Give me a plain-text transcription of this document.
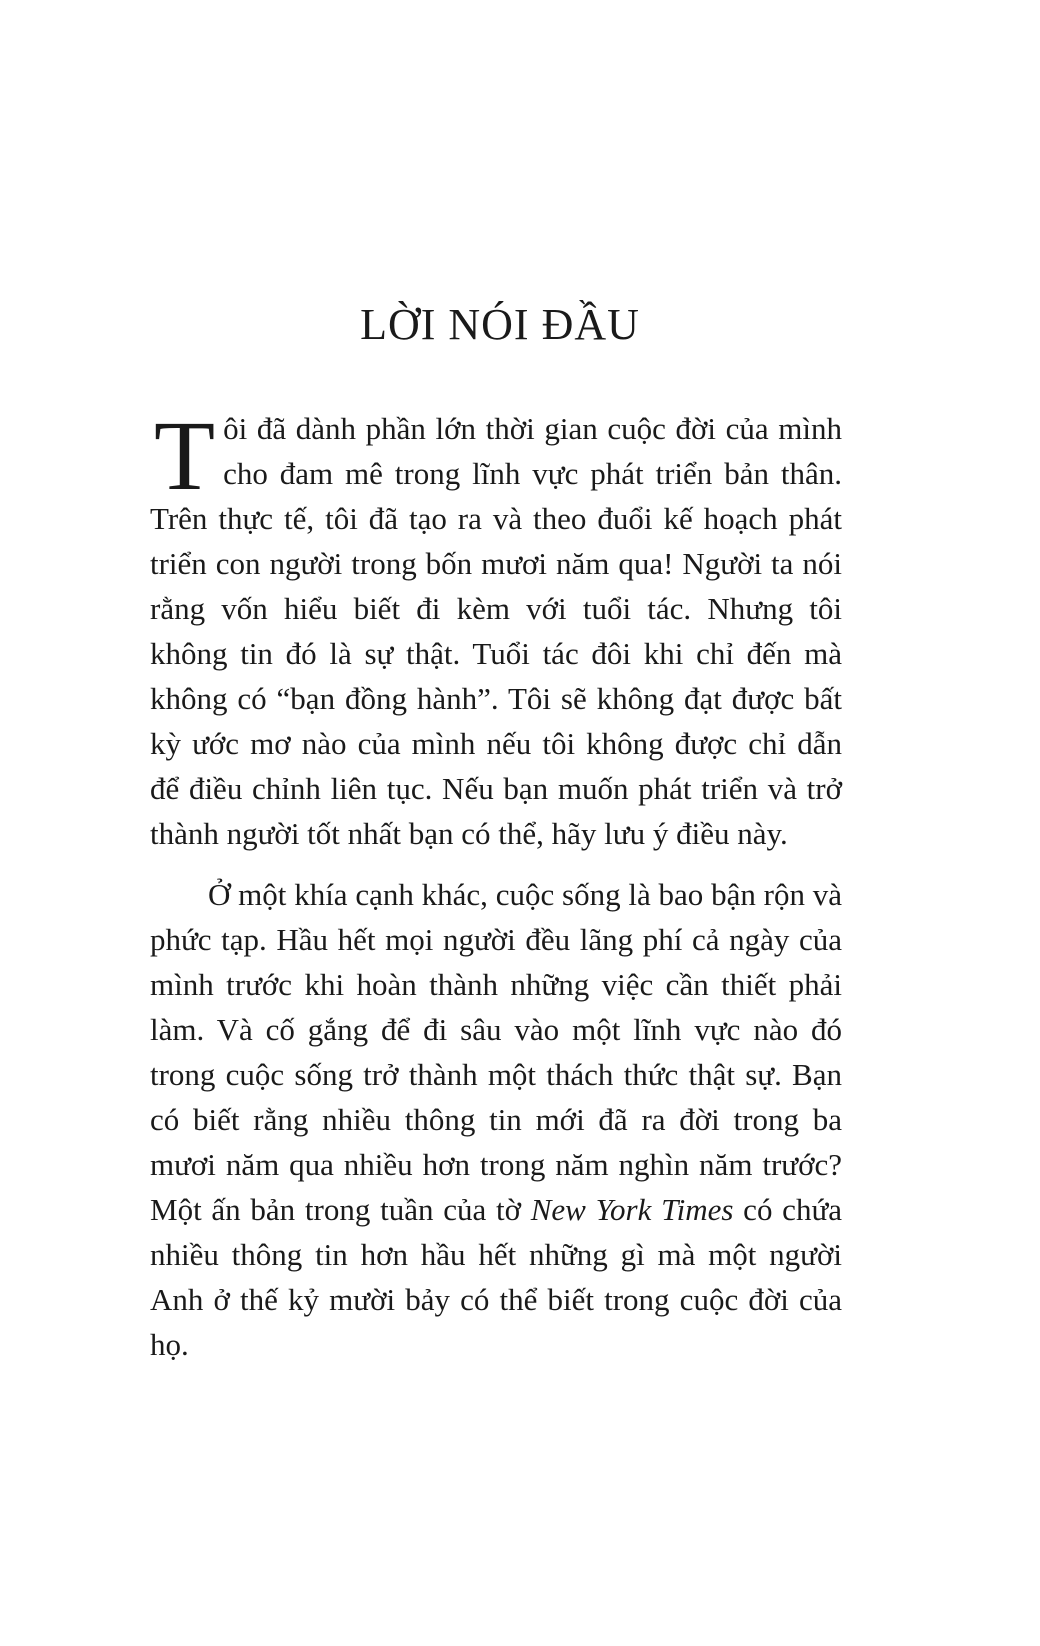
LỜI NÓI ĐẦU

Tôi đã dành phần lớn thời gian cuộc đời của mình cho đam mê trong lĩnh vực phát triển bản thân. Trên thực tế, tôi đã tạo ra và theo đuổi kế hoạch phát triển con người trong bốn mươi năm qua! Người ta nói rằng vốn hiểu biết đi kèm với tuổi tác. Nhưng tôi không tin đó là sự thật. Tuổi tác đôi khi chỉ đến mà không có “bạn đồng hành”. Tôi sẽ không đạt được bất kỳ ước mơ nào của mình nếu tôi không được chỉ dẫn để điều chỉnh liên tục. Nếu bạn muốn phát triển và trở thành người tốt nhất bạn có thể, hãy lưu ý điều này.

Ở một khía cạnh khác, cuộc sống là bao bận rộn và phức tạp. Hầu hết mọi người đều lãng phí cả ngày của mình trước khi hoàn thành những việc cần thiết phải làm. Và cố gắng để đi sâu vào một lĩnh vực nào đó trong cuộc sống trở thành một thách thức thật sự. Bạn có biết rằng nhiều thông tin mới đã ra đời trong ba mươi năm qua nhiều hơn trong năm nghìn năm trước? Một ấn bản trong tuần của tờ New York Times có chứa nhiều thông tin hơn hầu hết những gì mà một người Anh ở thế kỷ mười bảy có thể biết trong cuộc đời của họ.
